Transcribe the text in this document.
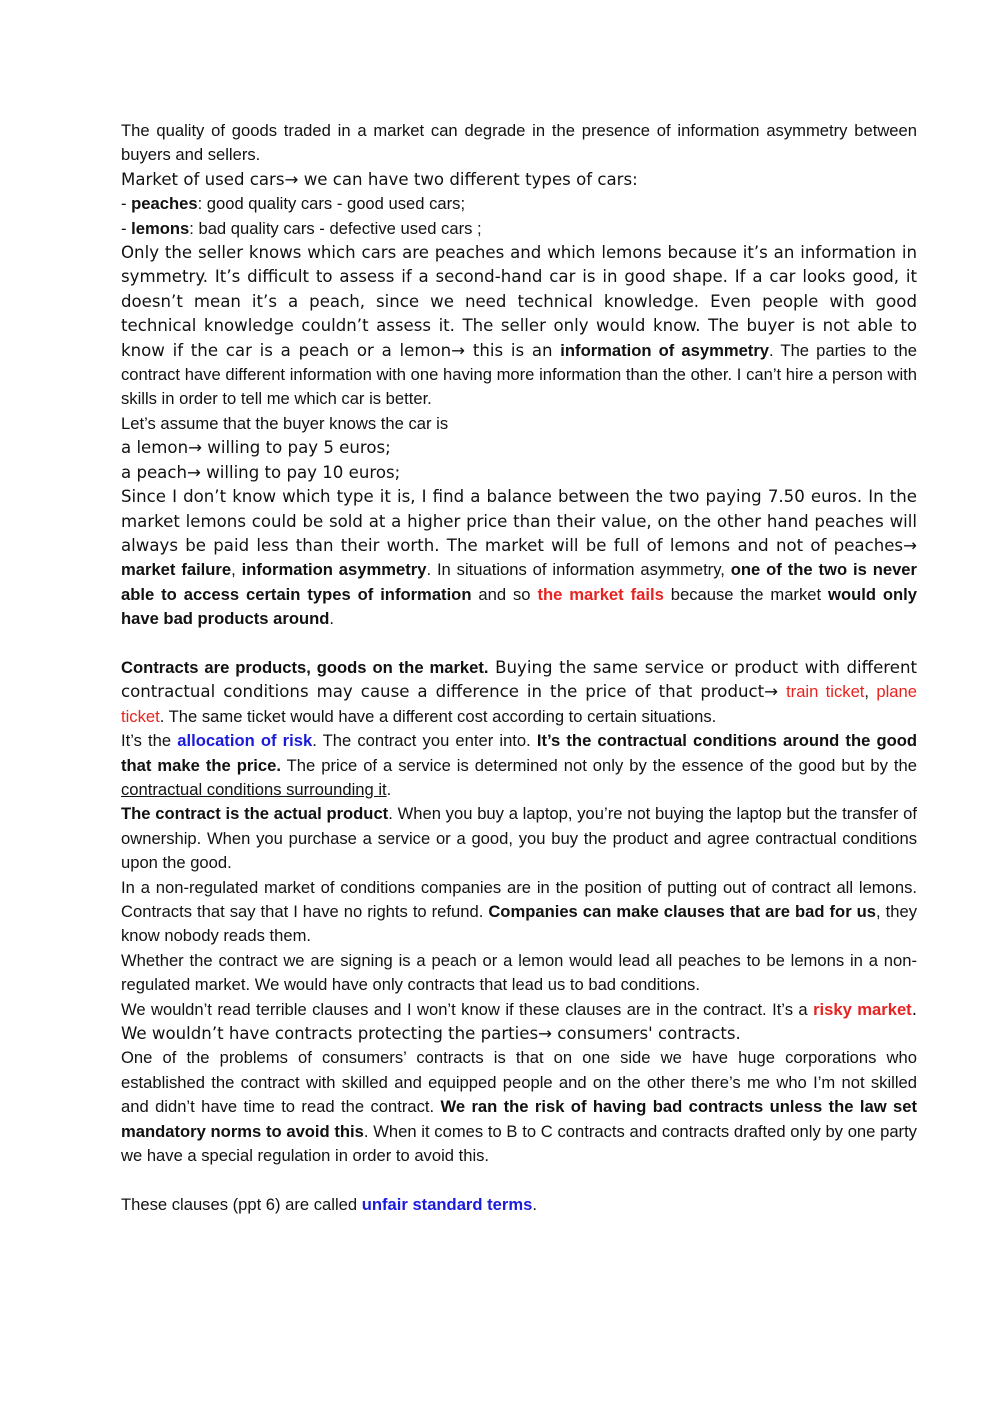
The quality of goods traded in a market can degrade in the presence of information asymmetry between buyers and sellers.

Market of used cars→ we can have two different types of cars:

- peaches: good quality cars - good used cars;

- lemons: bad quality cars - defective used cars ;

Only the seller knows which cars are peaches and which lemons because it’s an information in symmetry. It’s difficult to assess if a second-hand car is in good shape. If a car looks good, it doesn’t mean it’s a peach, since we need technical knowledge. Even people with good technical knowledge couldn’t assess it. The seller only would know. The buyer is not able to know if the car is a peach or a lemon→ this is an information of asymmetry. The parties to the contract have different information with one having more information than the other. I can’t hire a person with skills in order to tell me which car is better.

Let’s assume that the buyer knows the car is

a lemon→ willing to pay 5 euros;

a peach→ willing to pay 10 euros;

Since I don’t know which type it is, I find a balance between the two paying 7.50 euros. In the market lemons could be sold at a higher price than their value, on the other hand peaches will always be paid less than their worth. The market will be full of lemons and not of peaches→ market failure, information asymmetry. In situations of information asymmetry, one of the two is never able to access certain types of information and so the market fails because the market would only have bad products around.

Contracts are products, goods on the market. Buying the same service or product with different contractual conditions may cause a difference in the price of that product→ train ticket, plane ticket. The same ticket would have a different cost according to certain situations.

It’s the allocation of risk. The contract you enter into. It’s the contractual conditions around the good that make the price. The price of a service is determined not only by the essence of the good but by the contractual conditions surrounding it.

The contract is the actual product. When you buy a laptop, you’re not buying the laptop but the transfer of ownership. When you purchase a service or a good, you buy the product and agree contractual conditions upon the good.

In a non-regulated market of conditions companies are in the position of putting out of contract all lemons. Contracts that say that I have no rights to refund. Companies can make clauses that are bad for us, they know nobody reads them.

Whether the contract we are signing is a peach or a lemon would lead all peaches to be lemons in a non-regulated market. We would have only contracts that lead us to bad conditions.

We wouldn’t read terrible clauses and I won’t know if these clauses are in the contract. It’s a risky market. We wouldn’t have contracts protecting the parties→ consumers' contracts.

One of the problems of consumers’ contracts is that on one side we have huge corporations who established the contract with skilled and equipped people and on the other there’s me who I’m not skilled and didn’t have time to read the contract. We ran the risk of having bad contracts unless the law set mandatory norms to avoid this. When it comes to B to C contracts and contracts drafted only by one party we have a special regulation in order to avoid this.

These clauses (ppt 6) are called unfair standard terms.
